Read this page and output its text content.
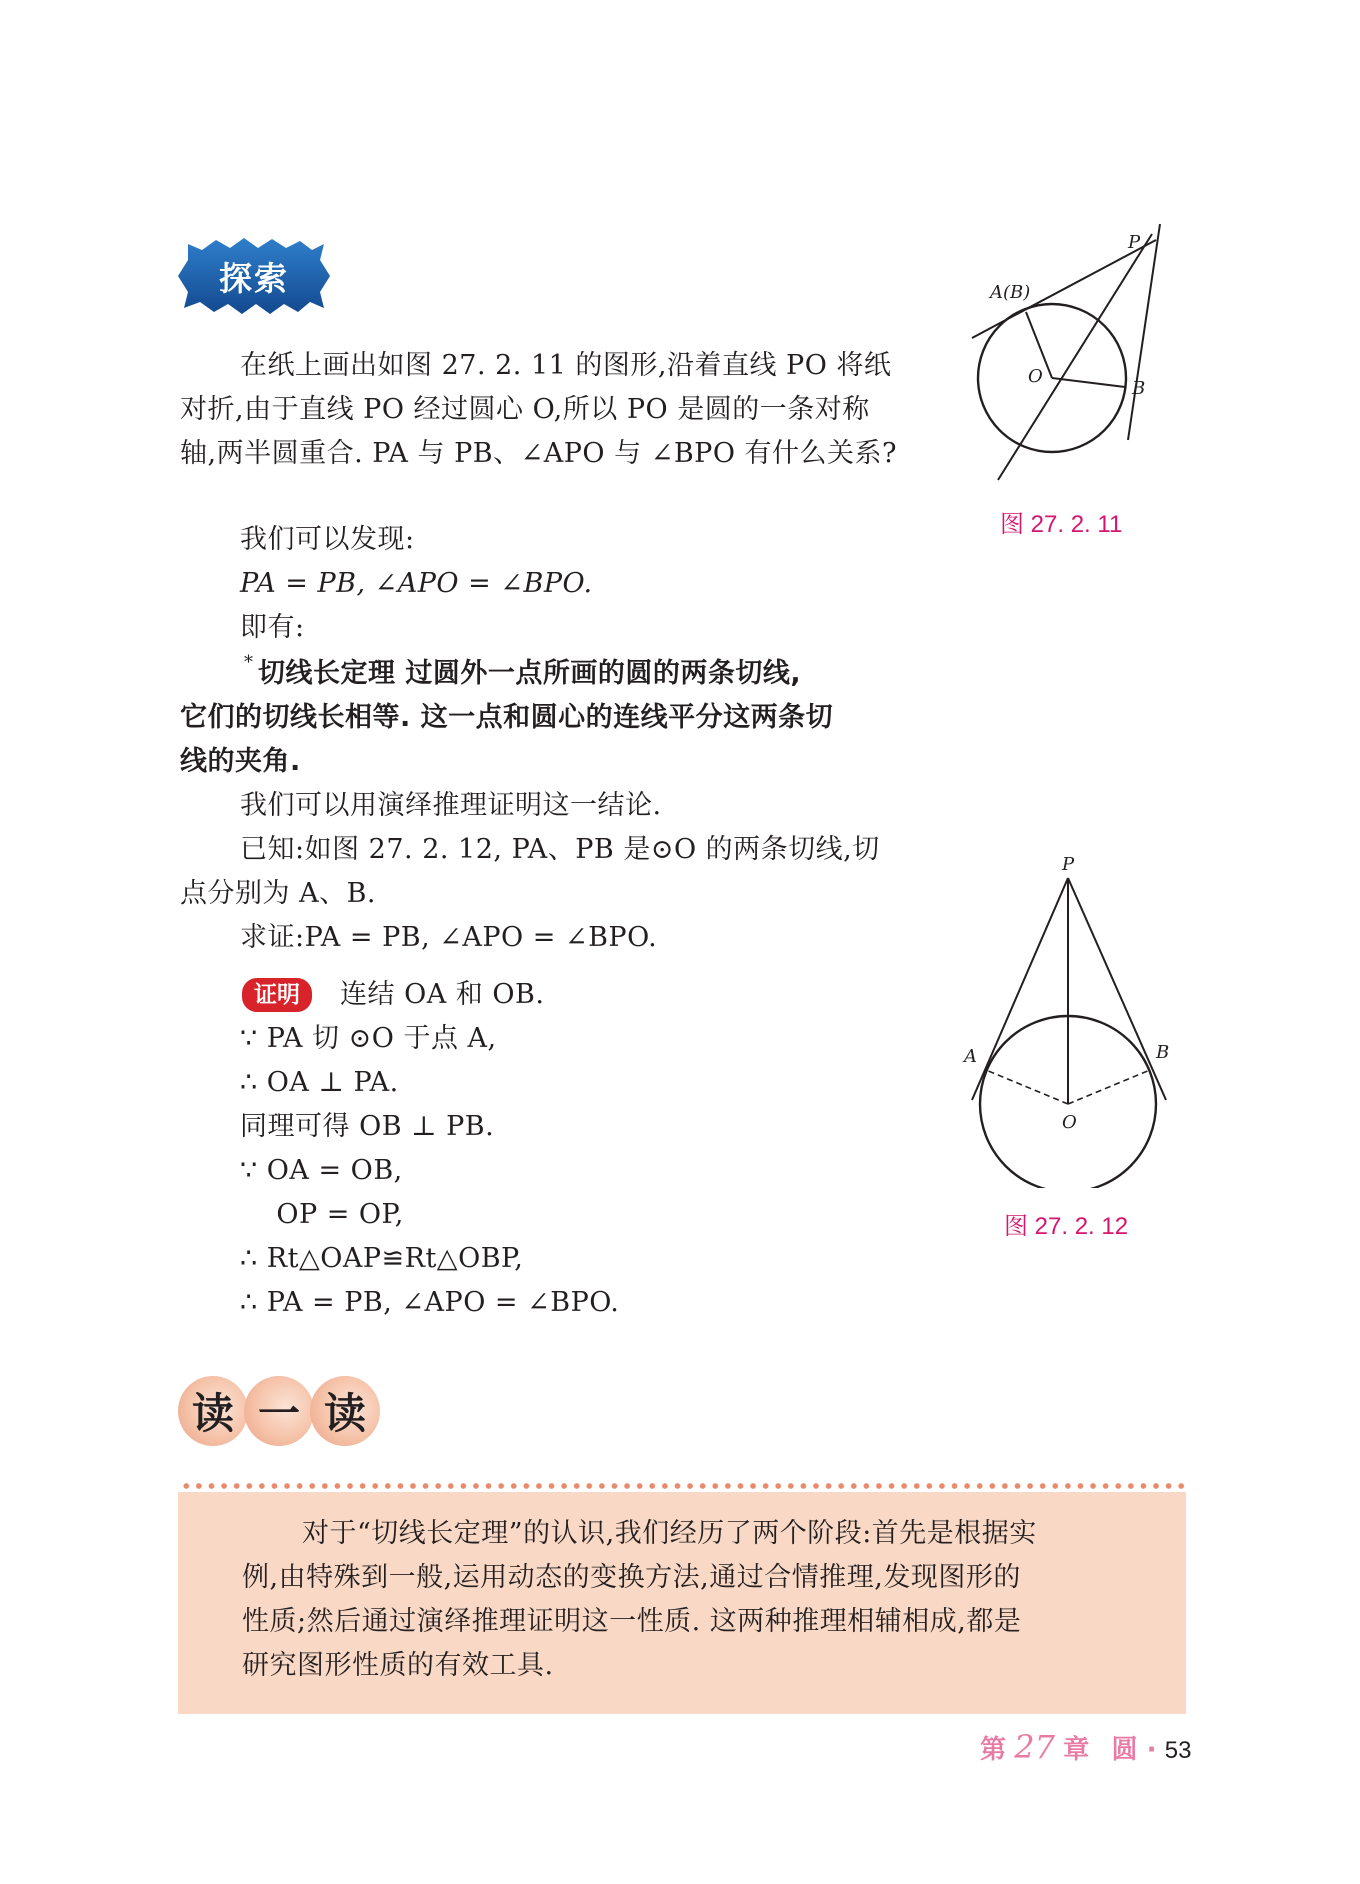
探索
在纸上画出如图 27. 2. 11 的图形,沿着直线 PO 将纸
对折,由于直线 PO 经过圆心 O,所以 PO 是圆的一条对称
轴,两半圆重合. PA 与 PB、∠APO 与 ∠BPO 有什么关系?
我们可以发现:
PA = PB, ∠APO = ∠BPO.
即有:
* 切线长定理 过圆外一点所画的圆的两条切线,
它们的切线长相等. 这一点和圆心的连线平分这两条切
线的夹角.
我们可以用演绎推理证明这一结论.
已知:如图 27. 2. 12, PA、PB 是⊙O 的两条切线,切
点分别为 A、B.
求证:PA = PB, ∠APO = ∠BPO.
证明	连结 OA 和 OB.
∵ PA 切 ⊙O 于点 A,
∴ OA ⊥ PA.
同理可得 OB ⊥ PB.
∵ OA = OB,
OP = OP,
∴ Rt△OAP≌Rt△OBP,
∴ PA = PB, ∠APO = ∠BPO.
P
A(B)
O
B
图 27. 2. 11
P
A	B
O
图 27. 2. 12
读 一 读
对于“切线长定理”的认识,我们经历了两个阶段:首先是根据实
例,由特殊到一般,运用动态的变换方法,通过合情推理,发现图形的
性质;然后通过演绎推理证明这一性质. 这两种推理相辅相成,都是
研究图形性质的有效工具.
第 27 章 圆 · 53
